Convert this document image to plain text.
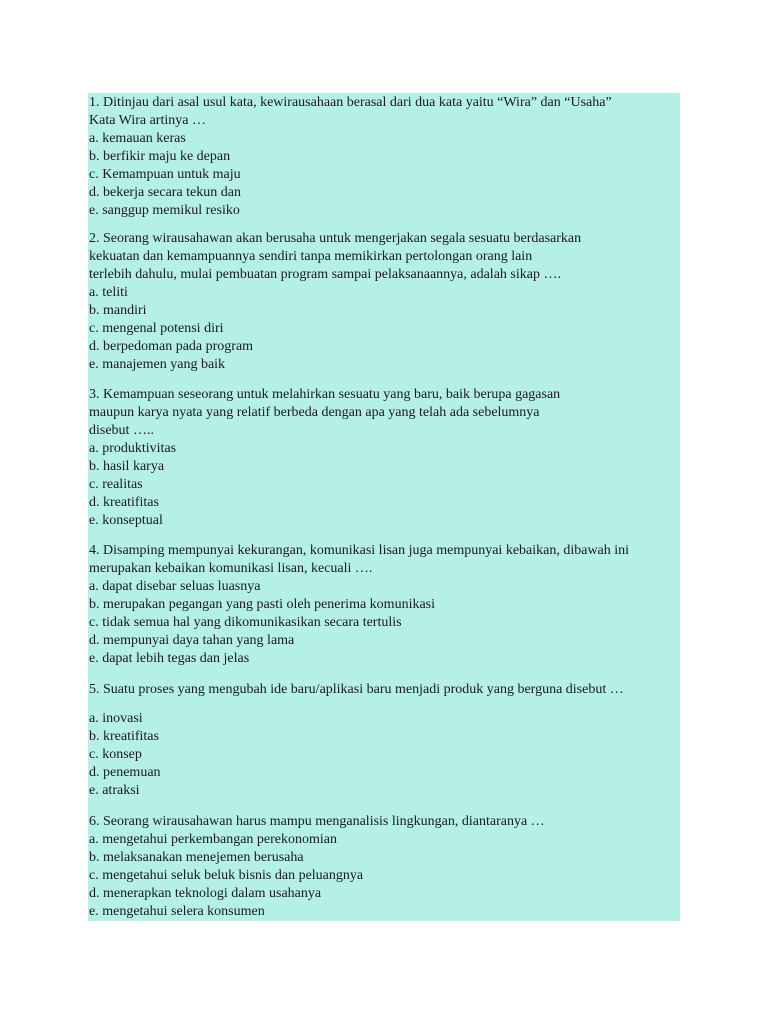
1. Ditinjau dari asal usul kata, kewirausahaan berasal dari dua kata yaitu “Wira” dan “Usaha”
Kata Wira artinya …
a. kemauan keras
b. berfikir maju ke depan
c. Kemampuan untuk maju
d. bekerja secara tekun dan
e. sanggup memikul resiko
2. Seorang wirausahawan akan berusaha untuk mengerjakan segala sesuatu berdasarkan
kekuatan dan kemampuannya sendiri tanpa memikirkan pertolongan orang lain
terlebih dahulu, mulai pembuatan program sampai pelaksanaannya, adalah sikap ….
a. teliti
b. mandiri
c. mengenal potensi diri
d. berpedoman pada program
e. manajemen yang baik
3. Kemampuan seseorang untuk melahirkan sesuatu yang baru, baik berupa gagasan
maupun karya nyata yang relatif berbeda dengan apa yang telah ada sebelumnya
disebut …..
a. produktivitas
b. hasil karya
c. realitas
d. kreatifitas
e. konseptual
4. Disamping mempunyai kekurangan, komunikasi lisan juga mempunyai kebaikan, dibawah ini
merupakan kebaikan komunikasi lisan, kecuali ….
a. dapat disebar seluas luasnya
b. merupakan pegangan yang pasti oleh penerima komunikasi
c. tidak semua hal yang dikomunikasikan secara tertulis
d. mempunyai daya tahan yang lama
e. dapat lebih tegas dan jelas
5. Suatu proses yang mengubah ide baru/aplikasi baru menjadi produk yang berguna disebut …
a. inovasi
b. kreatifitas
c. konsep
d. penemuan
e. atraksi
6. Seorang wirausahawan harus mampu menganalisis lingkungan, diantaranya …
a. mengetahui perkembangan perekonomian
b. melaksanakan menejemen berusaha
c. mengetahui seluk beluk bisnis dan peluangnya
d. menerapkan teknologi dalam usahanya
e. mengetahui selera konsumen
